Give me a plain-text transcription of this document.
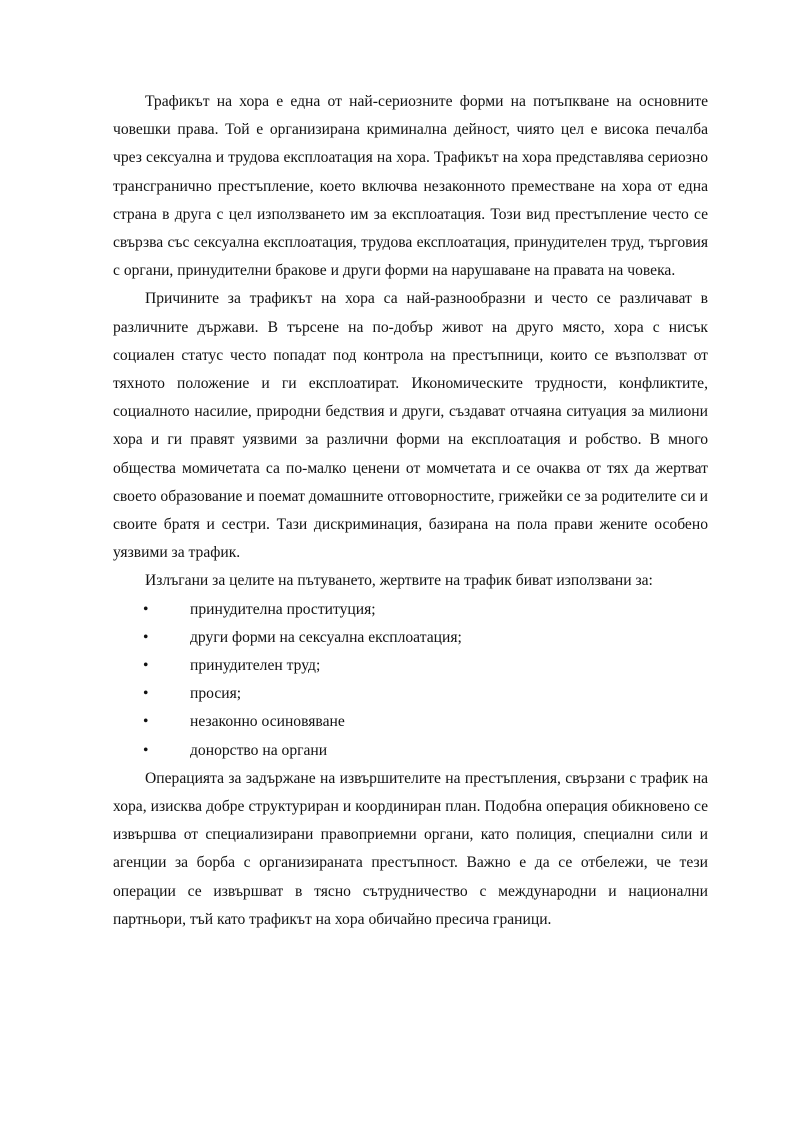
Трафикът на хора е една от най-сериозните форми на потъпкване на основните човешки права. Той е организирана криминална дейност, чиято цел е висока печалба чрез сексуална и трудова експлоатация на хора. Трафикът на хора представлява сериозно трансгранично престъпление, което включва незаконното преместване на хора от една страна в друга с цел използването им за експлоатация. Този вид престъпление често се свързва със сексуална експлоатация, трудова експлоатация, принудителен труд, търговия с органи, принудителни бракове и други форми на нарушаване на правата на човека.

Причините за трафикът на хора са най-разнообразни и често се различават в различните държави. В търсене на по-добър живот на друго място, хора с нисък социален статус често попадат под контрола на престъпници, които се възползват от тяхното положение и ги експлоатират. Икономическите трудности, конфликтите, социалното насилие, природни бедствия и други, създават отчаяна ситуация за милиони хора и ги правят уязвими за различни форми на експлоатация и робство. В много общества момичетата са по-малко ценени от момчетата и се очаква от тях да жертват своето образование и поемат домашните отговорностите, грижейки се за родителите си и своите братя и сестри. Тази дискриминация, базирана на пола прави жените особено уязвими за трафик.

Излъгани за целите на пътуването, жертвите на трафик биват използвани за:

•	принудителна проституция;
•	други форми на сексуална експлоатация;
•	принудителен труд;
•	просия;
•	незаконно осиновяване
•	донорство на органи

Операцията за задържане на извършителите на престъпления, свързани с трафик на хора, изисква добре структуриран и координиран план. Подобна операция обикновено се извършва от специализирани правоприемни органи, като полиция, специални сили и агенции за борба с организираната престъпност. Важно е да се отбележи, че тези операции се извършват в тясно сътрудничество с международни и национални партньори, тъй като трафикът на хора обичайно пресича граници.
